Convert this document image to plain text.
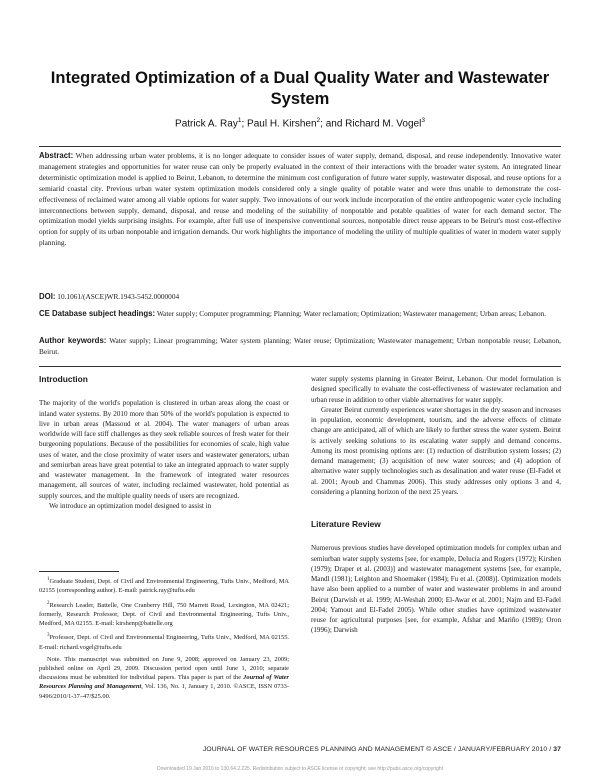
Integrated Optimization of a Dual Quality Water and Wastewater System
Patrick A. Ray$^1$; Paul H. Kirshen$^2$; and Richard M. Vogel$^3$
Abstract: When addressing urban water problems, it is no longer adequate to consider issues of water supply, demand, disposal, and reuse independently. Innovative water management strategies and opportunities for water reuse can only be properly evaluated in the context of their interactions with the broader water system. An integrated linear deterministic optimization model is applied to Beirut, Lebanon, to determine the minimum cost configuration of future water supply, wastewater disposal, and reuse options for a semiarid coastal city. Previous urban water system optimization models considered only a single quality of potable water and were thus unable to demonstrate the cost-effectiveness of reclaimed water among all viable options for water supply. Two innovations of our work include incorporation of the entire anthropogenic water cycle including interconnections between supply, demand, disposal, and reuse and modeling of the suitability of nonpotable and potable qualities of water for each demand sector. The optimization model yields surprising insights. For example, after full use of inexpensive conventional sources, nonpotable direct reuse appears to be Beirut's most cost-effective option for supply of its urban nonpotable and irrigation demands. Our work highlights the importance of modeling the utility of multiple qualities of water in modern water supply planning.
DOI: 10.1061/(ASCE)WR.1943-5452.0000004
CE Database subject headings: Water supply; Computer programming; Planning; Water reclamation; Optimization; Wastewater management; Urban areas; Lebanon.
Author keywords: Water supply; Linear programming; Water system planning; Water reuse; Optimization; Wastewater management; Urban nonpotable reuse; Lebanon, Beirut.
Introduction

The majority of the world's population is clustered in urban areas along the coast or inland water systems. By 2010 more than 50% of the world's population is expected to live in urban areas (Massoud et al. 2004). The water managers of urban areas worldwide will face stiff challenges as they seek reliable sources of fresh water for their burgeoning populations. Because of the possibilities for economies of scale, high value uses of water, and the close proximity of water users and wastewater generators, urban and semiurban areas have great potential to take an integrated approach to water supply and wastewater management. In the framework of integrated water resources management, all sources of water, including reclaimed wastewater, hold potential as supply sources, and the multiple quality needs of users are recognized.

We introduce an optimization model designed to assist in

$^1$Graduate Student, Dept. of Civil and Environmental Engineering, Tufts Univ., Medford, MA 02155 (corresponding author). E-mail: patrick.ray@tufts.edu

$^2$Research Leader, Battelle, One Cranberry Hill, 750 Marrett Road, Lexington, MA 02421; formerly, Research Professor, Dept. of Civil and Environmental Engineering, Tufts Univ., Medford, MA 02155. E-mail: kirshenp@battelle.org

$^3$Professor, Dept. of Civil and Environmental Engineering, Tufts Univ., Medford, MA 02155. E-mail: richard.vogel@tufts.edu

Note. This manuscript was submitted on June 9, 2008; approved on January 23, 2009; published online on April 29, 2009. Discussion period open until June 1, 2010; separate discussions must be submitted for individual papers. This paper is part of the Journal of Water Resources Planning and Management, Vol. 136, No. 1, January 1, 2010. ©ASCE, ISSN 0733-9496/2010/1-37–47/$25.00.

water supply systems planning in Greater Beirut, Lebanon. Our model formulation is designed specifically to evaluate the cost-effectiveness of wastewater reclamation and urban reuse in addition to other viable alternatives for water supply.

Greater Beirut currently experiences water shortages in the dry season and increases in population, economic development, tourism, and the adverse effects of climate change are anticipated, all of which are likely to further stress the water system. Beirut is actively seeking solutions to its escalating water supply and demand concerns. Among its most promising options are: (1) reduction of distribution system losses; (2) demand management; (3) acquisition of new water sources; and (4) adoption of alternative water supply technologies such as desalination and water reuse (El-Fadel et al. 2001; Ayoub and Chammas 2006). This study addresses only options 3 and 4, considering a planning horizon of the next 25 years.

Literature Review

Numerous previous studies have developed optimization models for complex urban and semiurban water supply systems [see, for example, Delucia and Rogers (1972); Kirshen (1979); Draper et al. (2003)] and wastewater management systems [see, for example, Mandl (1981); Leighton and Shoemaker (1984); Fu et al. (2008)]. Optimization models have also been applied to a number of water and wastewater problems in and around Beirut (Darwish et al. 1999; Al-Weshah 2000; El-Awar et al. 2001; Najm and El-Fadel 2004; Yamout and El-Fadel 2005). While other studies have optimized wastewater reuse for agricultural purposes [see, for example, Afshar and Mariño (1989); Oron (1996); Darwish

JOURNAL OF WATER RESOURCES PLANNING AND MANAGEMENT © ASCE / JANUARY/FEBRUARY 2010 / 37
Downloaded 19 Jan 2010 to 130.64.2.225. Redistribution subject to ASCE license or copyright; see http://pubs.asce.org/copyright
